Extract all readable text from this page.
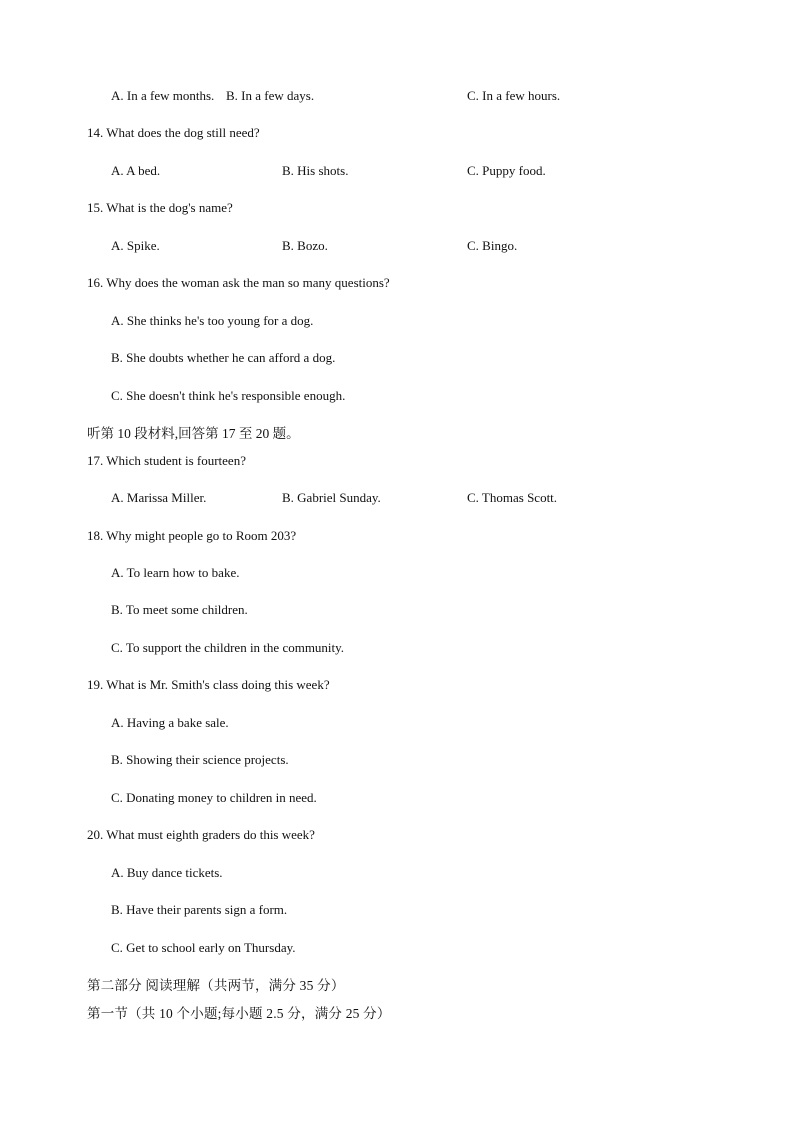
A. In a few months. B. In a few days.	C. In a few hours.
14. What does the dog still need?
A. A bed.	B. His shots.	C. Puppy food.
15. What is the dog's name?
A. Spike.	B. Bozo.	C. Bingo.
16. Why does the woman ask the man so many questions?
A. She thinks he's too young for a dog.
B. She doubts whether he can afford a dog.
C. She doesn't think he's responsible enough.
听第 10 段材料,回答第 17 至 20 题。
17. Which student is fourteen?
A. Marissa Miller.	B. Gabriel Sunday.	C. Thomas Scott.
18. Why might people go to Room 203?
A. To learn how to bake.
B. To meet some children.
C. To support the children in the community.
19. What is Mr. Smith's class doing this week?
A. Having a bake sale.
B. Showing their science projects.
C. Donating money to children in need.
20. What must eighth graders do this week?
A. Buy dance tickets.
B. Have their parents sign a form.
C. Get to school early on Thursday.
第二部分 阅读理解（共两节，满分 35 分）
第一节（共 10 个小题;每小题 2.5 分，满分 25 分）
